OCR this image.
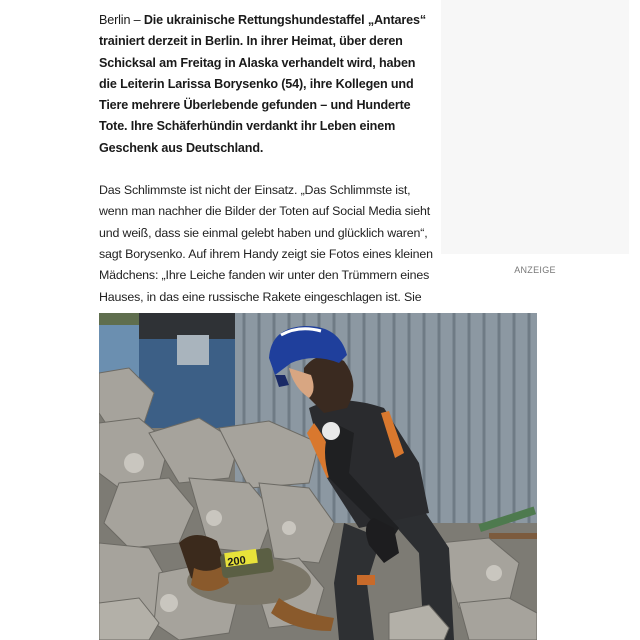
Berlin – Die ukrainische Rettungshundestaffel „Antares“ trainiert derzeit in Berlin. In ihrer Heimat, über deren Schicksal am Freitag in Alaska verhandelt wird, haben die Leiterin Larissa Borysenko (54), ihre Kollegen und Tiere mehrere Überlebende gefunden – und Hunderte Tote. Ihre Schäferhündin verdankt ihr Leben einem Geschenk aus Deutschland.

Das Schlimmste ist nicht der Einsatz. „Das Schlimmste ist, wenn man nachher die Bilder der Toten auf Social Media sieht und weiß, dass sie einmal gelebt haben und glücklich waren“, sagt Borysenko. Auf ihrem Handy zeigt sie Fotos eines kleinen Mädchens: „Ihre Leiche fanden wir unter den Trümmern eines Hauses, in das eine russische Rakete eingeschlagen ist. Sie

ANZEIGE
200
